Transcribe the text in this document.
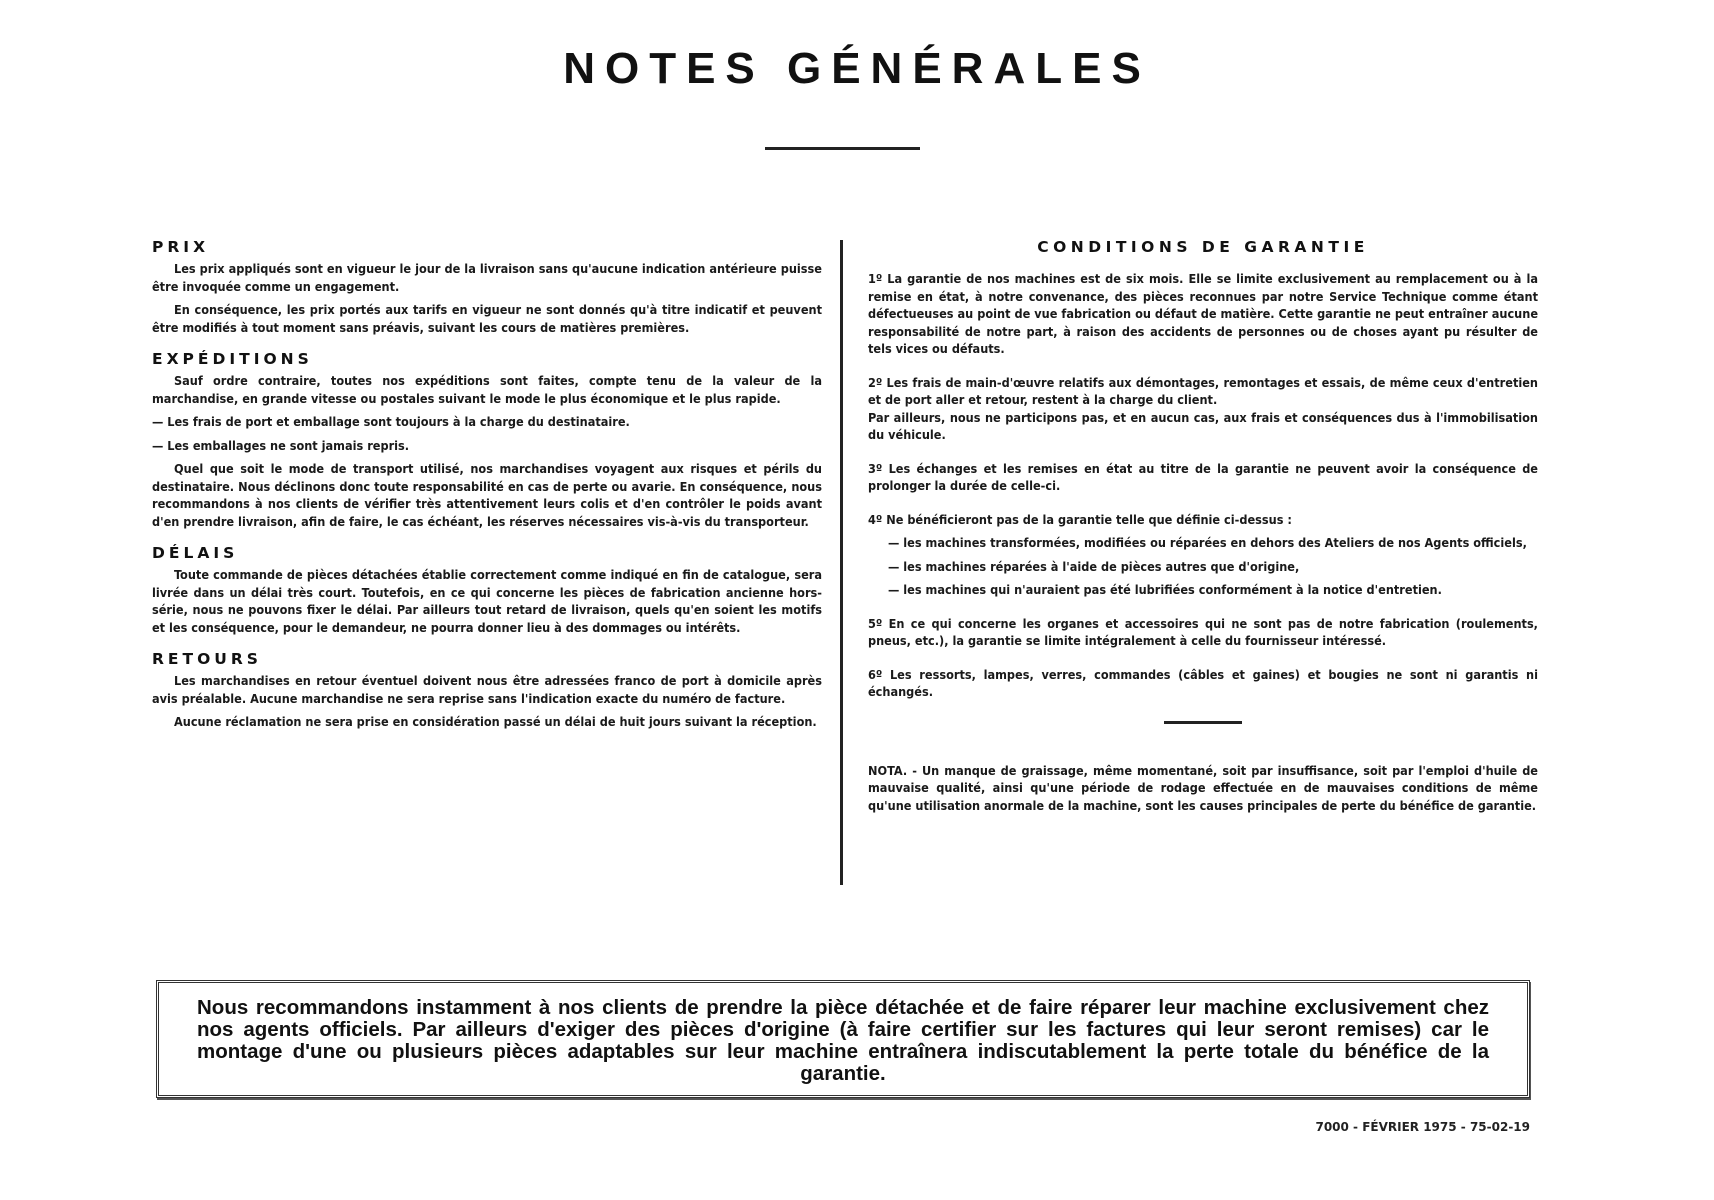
NOTES GÉNÉRALES
PRIX

Les prix appliqués sont en vigueur le jour de la livraison sans qu'aucune indication antérieure puisse être invoquée comme un engagement.

En conséquence, les prix portés aux tarifs en vigueur ne sont donnés qu'à titre indicatif et peuvent être modifiés à tout moment sans préavis, suivant les cours de matières premières.

EXPÉDITIONS

Sauf ordre contraire, toutes nos expéditions sont faites, compte tenu de la valeur de la marchandise, en grande vitesse ou postales suivant le mode le plus économique et le plus rapide.

— Les frais de port et emballage sont toujours à la charge du destinataire.

— Les emballages ne sont jamais repris.

Quel que soit le mode de transport utilisé, nos marchandises voyagent aux risques et périls du destinataire. Nous déclinons donc toute responsabilité en cas de perte ou avarie. En conséquence, nous recommandons à nos clients de vérifier très attentivement leurs colis et d'en contrôler le poids avant d'en prendre livraison, afin de faire, le cas échéant, les réserves nécessaires vis-à-vis du transporteur.

DÉLAIS

Toute commande de pièces détachées établie correctement comme indiqué en fin de catalogue, sera livrée dans un délai très court. Toutefois, en ce qui concerne les pièces de fabrication ancienne hors-série, nous ne pouvons fixer le délai. Par ailleurs tout retard de livraison, quels qu'en soient les motifs et les conséquence, pour le demandeur, ne pourra donner lieu à des dommages ou intérêts.

RETOURS

Les marchandises en retour éventuel doivent nous être adressées franco de port à domicile après avis préalable. Aucune marchandise ne sera reprise sans l'indication exacte du numéro de facture.

Aucune réclamation ne sera prise en considération passé un délai de huit jours suivant la réception.

CONDITIONS DE GARANTIE

1º La garantie de nos machines est de six mois. Elle se limite exclusivement au remplacement ou à la remise en état, à notre convenance, des pièces reconnues par notre Service Technique comme étant défectueuses au point de vue fabrication ou défaut de matière. Cette garantie ne peut entraîner aucune responsabilité de notre part, à raison des accidents de personnes ou de choses ayant pu résulter de tels vices ou défauts.

2º Les frais de main-d'œuvre relatifs aux démontages, remontages et essais, de même ceux d'entretien et de port aller et retour, restent à la charge du client.

Par ailleurs, nous ne participons pas, et en aucun cas, aux frais et conséquences dus à l'immobilisation du véhicule.

3º Les échanges et les remises en état au titre de la garantie ne peuvent avoir la conséquence de prolonger la durée de celle-ci.

4º Ne bénéficieront pas de la garantie telle que définie ci-dessus :

— les machines transformées, modifiées ou réparées en dehors des Ateliers de nos Agents officiels,

— les machines réparées à l'aide de pièces autres que d'origine,

— les machines qui n'auraient pas été lubrifiées conformément à la notice d'entretien.

5º En ce qui concerne les organes et accessoires qui ne sont pas de notre fabrication (roulements, pneus, etc.), la garantie se limite intégralement à celle du fournisseur intéressé.

6º Les ressorts, lampes, verres, commandes (câbles et gaines) et bougies ne sont ni garantis ni échangés.

NOTA. - Un manque de graissage, même momentané, soit par insuffisance, soit par l'emploi d'huile de mauvaise qualité, ainsi qu'une période de rodage effectuée en de mauvaises conditions de même qu'une utilisation anormale de la machine, sont les causes principales de perte du bénéfice de garantie.

Nous recommandons instamment à nos clients de prendre la pièce détachée et de faire réparer leur machine exclusivement chez nos agents officiels. Par ailleurs d'exiger des pièces d'origine (à faire certifier sur les factures qui leur seront remises) car le montage d'une ou plusieurs pièces adaptables sur leur machine entraînera indiscutablement la perte totale du bénéfice de la garantie.

7000 - FÉVRIER 1975 - 75-02-19
